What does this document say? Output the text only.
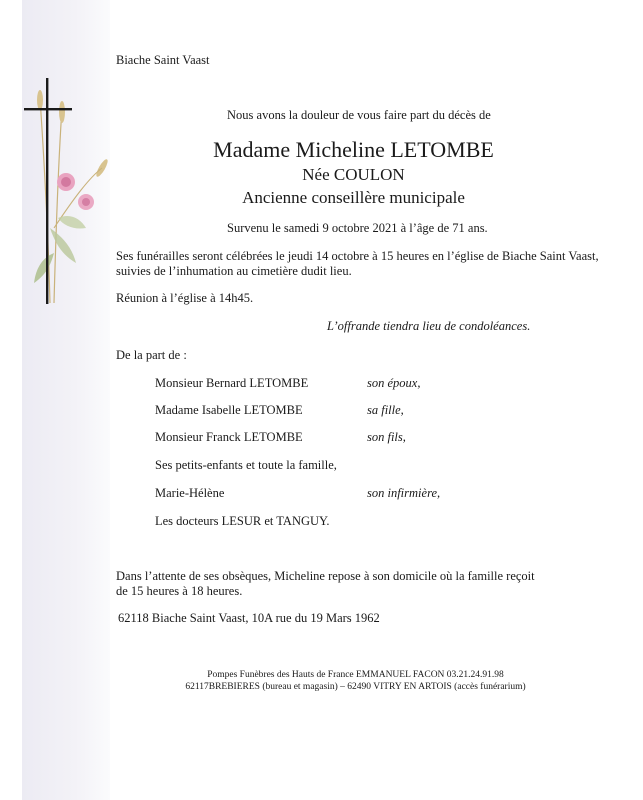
Biache Saint Vaast
Nous avons la douleur de vous faire part du décès de
Madame Micheline LETOMBE
Née COULON
Ancienne conseillère municipale
Survenu le samedi 9 octobre 2021 à l’âge de 71 ans.
Ses funérailles seront célébrées le jeudi 14 octobre à 15 heures en l’église de Biache Saint Vaast,
suivies de l’inhumation au cimetière dudit lieu.
Réunion à l’église à 14h45.
L’offrande tiendra lieu de condoléances.
De la part de :
Monsieur Bernard LETOMBE	son époux,
Madame Isabelle LETOMBE	sa fille,
Monsieur Franck LETOMBE	son fils,
Ses petits-enfants et toute la famille,
Marie-Hélène	son infirmière,
Les docteurs LESUR et TANGUY.
Dans l’attente de ses obsèques, Micheline repose à son domicile où la famille reçoit
de 15 heures à 18 heures.
62118 Biache Saint Vaast, 10A rue du 19 Mars 1962
Pompes Funèbres des Hauts de France EMMANUEL FACON 03.21.24.91.98
62117BREBIERES (bureau et magasin) – 62490 VITRY EN ARTOIS (accès funérarium)
